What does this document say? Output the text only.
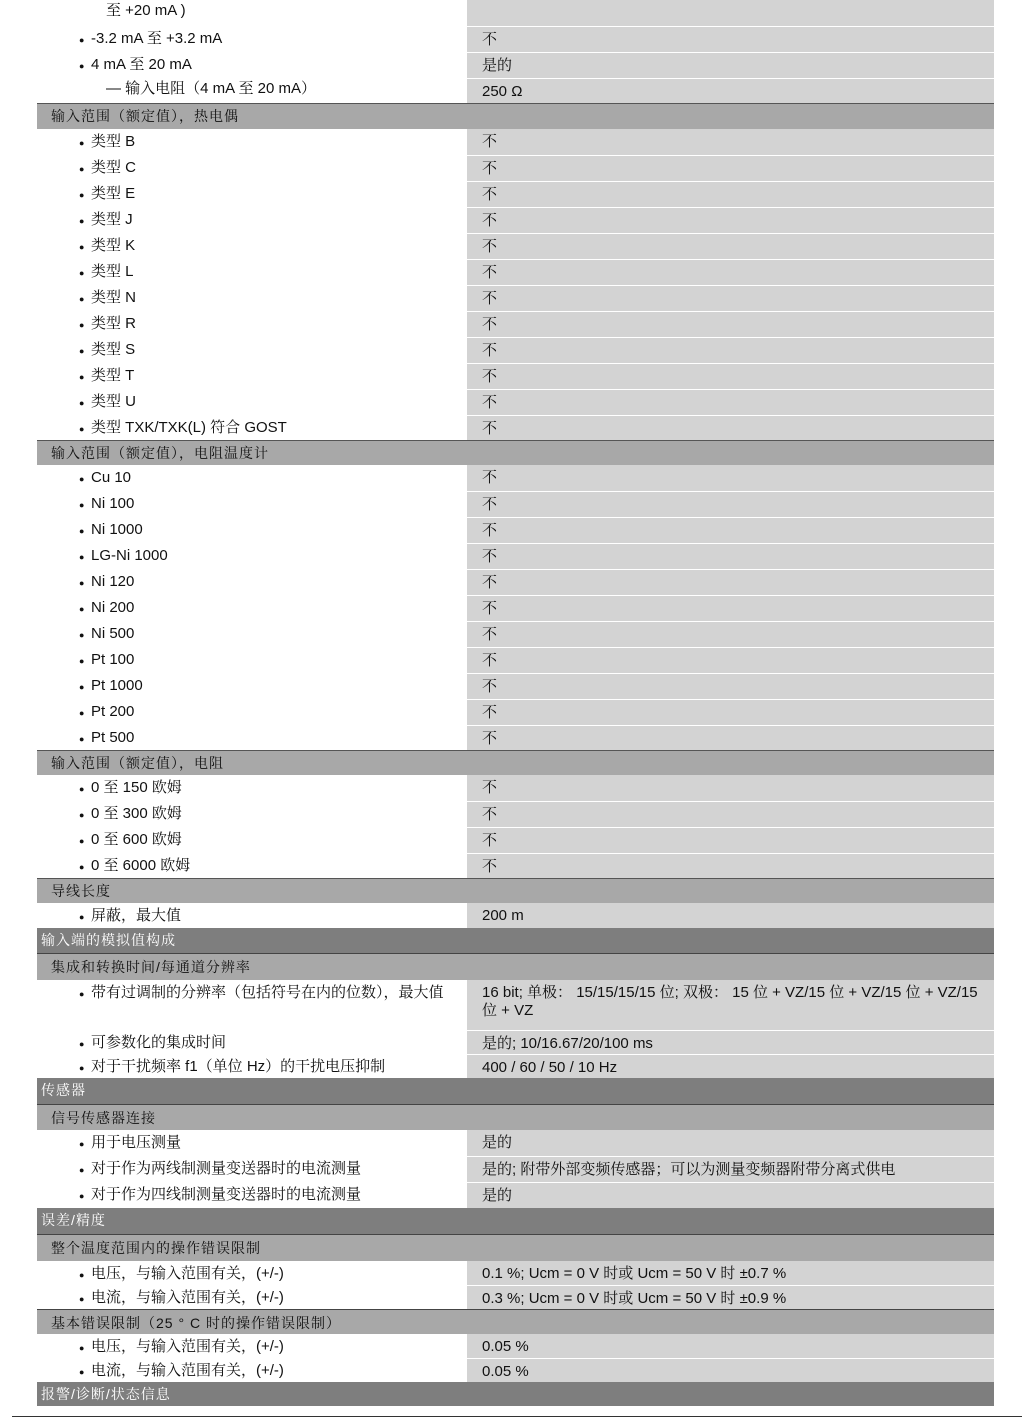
至 +20 mA )
● -3.2 mA 至 +3.2 mA	不
● 4 mA 至 20 mA	是的
— 输入电阻（4 mA 至 20 mA）	250 Ω
输入范围（额定值），热电偶
● 类型 B	不
● 类型 C	不
● 类型 E	不
● 类型 J	不
● 类型 K	不
● 类型 L	不
● 类型 N	不
● 类型 R	不
● 类型 S	不
● 类型 T	不
● 类型 U	不
● 类型 TXK/TXK(L) 符合 GOST	不
输入范围（额定值），电阻温度计
● Cu 10	不
● Ni 100	不
● Ni 1000	不
● LG-Ni 1000	不
● Ni 120	不
● Ni 200	不
● Ni 500	不
● Pt 100	不
● Pt 1000	不
● Pt 200	不
● Pt 500	不
输入范围（额定值），电阻
● 0 至 150 欧姆	不
● 0 至 300 欧姆	不
● 0 至 600 欧姆	不
● 0 至 6000 欧姆	不
导线长度
● 屏蔽，最大值	200 m
输入端的模拟值构成
集成和转换时间/每通道分辨率
● 带有过调制的分辨率（包括符号在内的位数），最大值	16 bit; 单极： 15/15/15/15 位; 双极： 15 位 + VZ/15 位 + VZ/15 位 + VZ/15 位 + VZ
● 可参数化的集成时间	是的; 10/16.67/20/100 ms
● 对于干扰频率 f1（单位 Hz）的干扰电压抑制	400 / 60 / 50 / 10 Hz
传感器
信号传感器连接
● 用于电压测量	是的
● 对于作为两线制测量变送器时的电流测量	是的; 附带外部变频传感器；可以为测量变频器附带分离式供电
● 对于作为四线制测量变送器时的电流测量	是的
误差/精度
整个温度范围内的操作错误限制
● 电压，与输入范围有关，(+/-)	0.1 %; Ucm = 0 V 时或 Ucm = 50 V 时 ±0.7 %
● 电流，与输入范围有关，(+/-)	0.3 %; Ucm = 0 V 时或 Ucm = 50 V 时 ±0.9 %
基本错误限制（25 ° C 时的操作错误限制）
● 电压，与输入范围有关，(+/-)	0.05 %
● 电流，与输入范围有关，(+/-)	0.05 %
报警/诊断/状态信息
